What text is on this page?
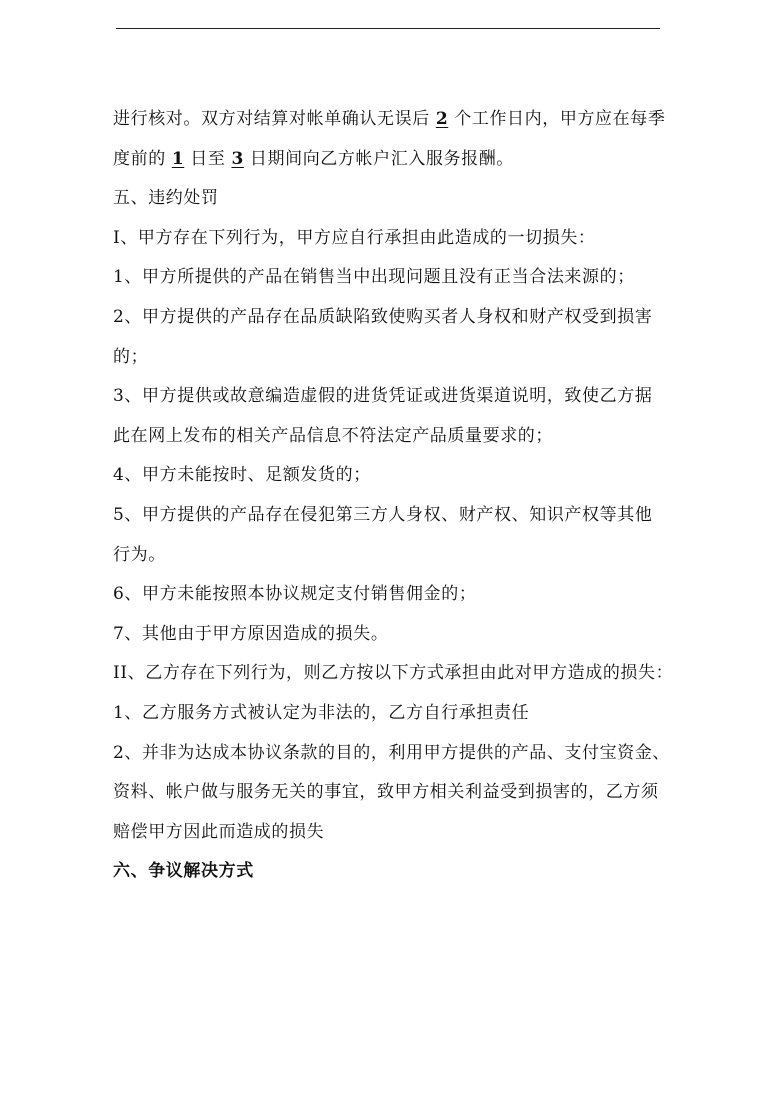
进行核对。双方对结算对帐单确认无误后 2 个工作日内，甲方应在每季
度前的 1 日至 3 日期间向乙方帐户汇入服务报酬。
五、违约处罚
I、甲方存在下列行为，甲方应自行承担由此造成的一切损失：
1、甲方所提供的产品在销售当中出现问题且没有正当合法来源的；
2、甲方提供的产品存在品质缺陷致使购买者人身权和财产权受到损害
的；
3、甲方提供或故意编造虚假的进货凭证或进货渠道说明，致使乙方据
此在网上发布的相关产品信息不符法定产品质量要求的；
4、甲方未能按时、足额发货的；
5、甲方提供的产品存在侵犯第三方人身权、财产权、知识产权等其他
行为。
6、甲方未能按照本协议规定支付销售佣金的；
7、其他由于甲方原因造成的损失。
II、乙方存在下列行为，则乙方按以下方式承担由此对甲方造成的损失：
1、乙方服务方式被认定为非法的，乙方自行承担责任
2、并非为达成本协议条款的目的，利用甲方提供的产品、支付宝资金、
资料、帐户做与服务无关的事宜，致甲方相关利益受到损害的，乙方须
赔偿甲方因此而造成的损失
六、争议解决方式
